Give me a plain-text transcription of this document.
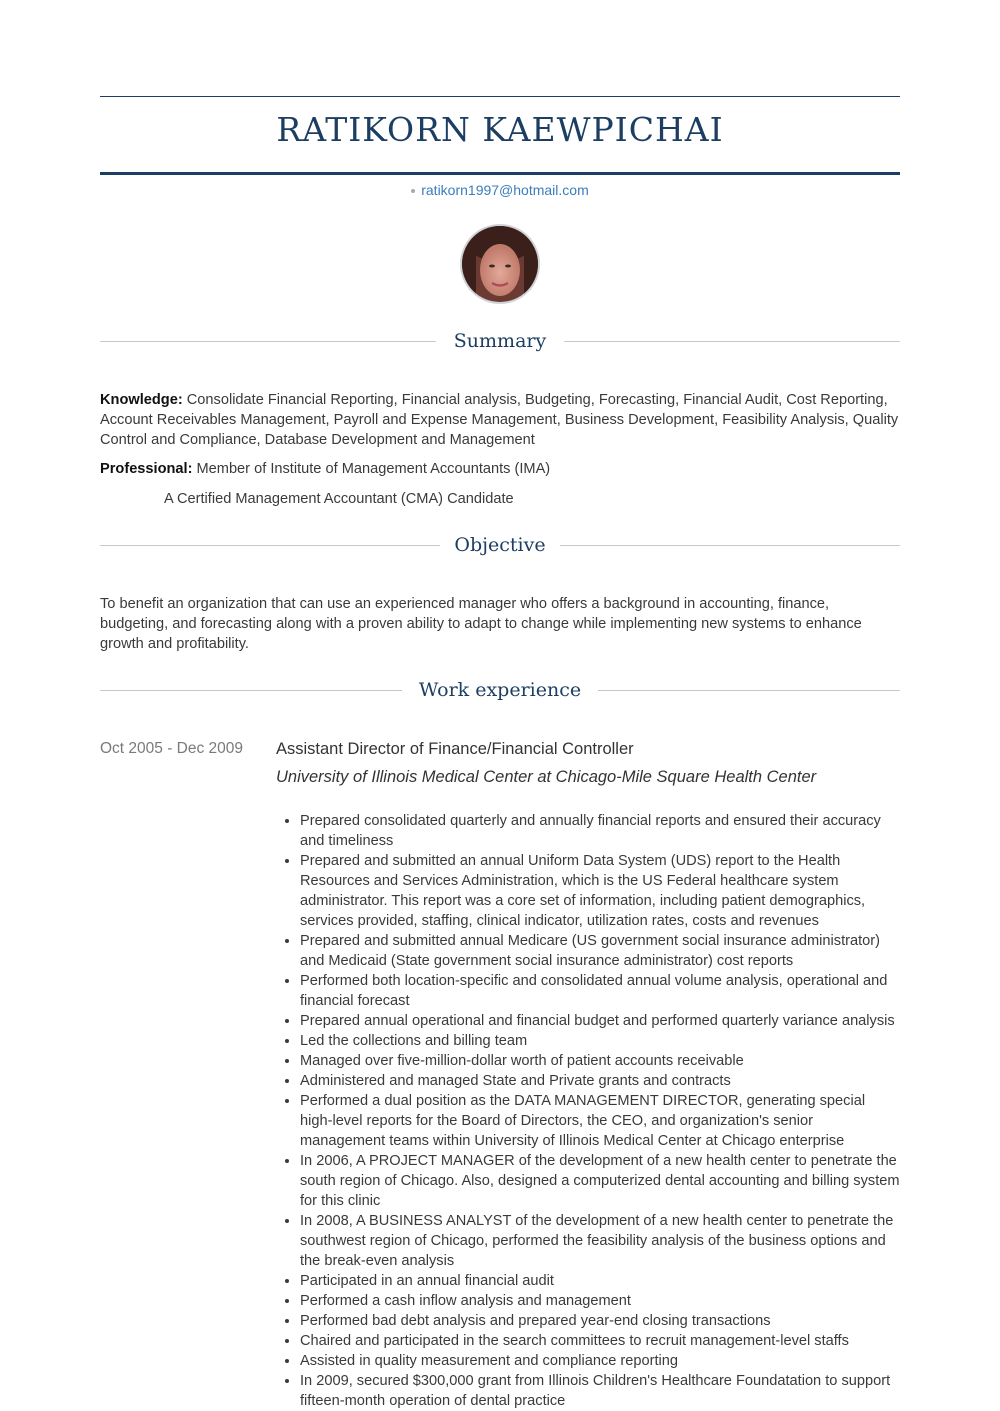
RATIKORN KAEWPICHAI
ratikorn1997@hotmail.com
Summary
Knowledge: Consolidate Financial Reporting, Financial analysis, Budgeting, Forecasting, Financial Audit, Cost Reporting, Account Receivables Management, Payroll and Expense Management, Business Development, Feasibility Analysis, Quality Control and Compliance, Database Development and Management
Professional: Member of Institute of Management Accountants (IMA)
A Certified Management Accountant (CMA) Candidate
Objective
To benefit an organization that can use an experienced manager who offers a background in accounting, finance, budgeting, and forecasting along with a proven ability to adapt to change while implementing new systems to enhance growth and profitability.
Work experience
Oct 2005 - Dec 2009 Assistant Director of Finance/Financial Controller
University of Illinois Medical Center at Chicago-Mile Square Health Center
• Prepared consolidated quarterly and annually financial reports and ensured their accuracy and timeliness
• Prepared and submitted an annual Uniform Data System (UDS) report to the Health Resources and Services Administration, which is the US Federal healthcare system administrator. This report was a core set of information, including patient demographics, services provided, staffing, clinical indicator, utilization rates, costs and revenues
• Prepared and submitted annual Medicare (US government social insurance administrator) and Medicaid (State government social insurance administrator) cost reports
• Performed both location-specific and consolidated annual volume analysis, operational and financial forecast
• Prepared annual operational and financial budget and performed quarterly variance analysis
• Led the collections and billing team
• Managed over five-million-dollar worth of patient accounts receivable
• Administered and managed State and Private grants and contracts
• Performed a dual position as the DATA MANAGEMENT DIRECTOR, generating special high-level reports for the Board of Directors, the CEO, and organization's senior management teams within University of Illinois Medical Center at Chicago enterprise
• In 2006, A PROJECT MANAGER of the development of a new health center to penetrate the south region of Chicago. Also, designed a computerized dental accounting and billing system for this clinic
• In 2008, A BUSINESS ANALYST of the development of a new health center to penetrate the southwest region of Chicago, performed the feasibility analysis of the business options and the break-even analysis
• Participated in an annual financial audit
• Performed a cash inflow analysis and management
• Performed bad debt analysis and prepared year-end closing transactions
• Chaired and participated in the search committees to recruit management-level staffs
• Assisted in quality measurement and compliance reporting
• In 2009, secured $300,000 grant from Illinois Children's Healthcare Foundatation to support fifteen-month operation of dental practice
